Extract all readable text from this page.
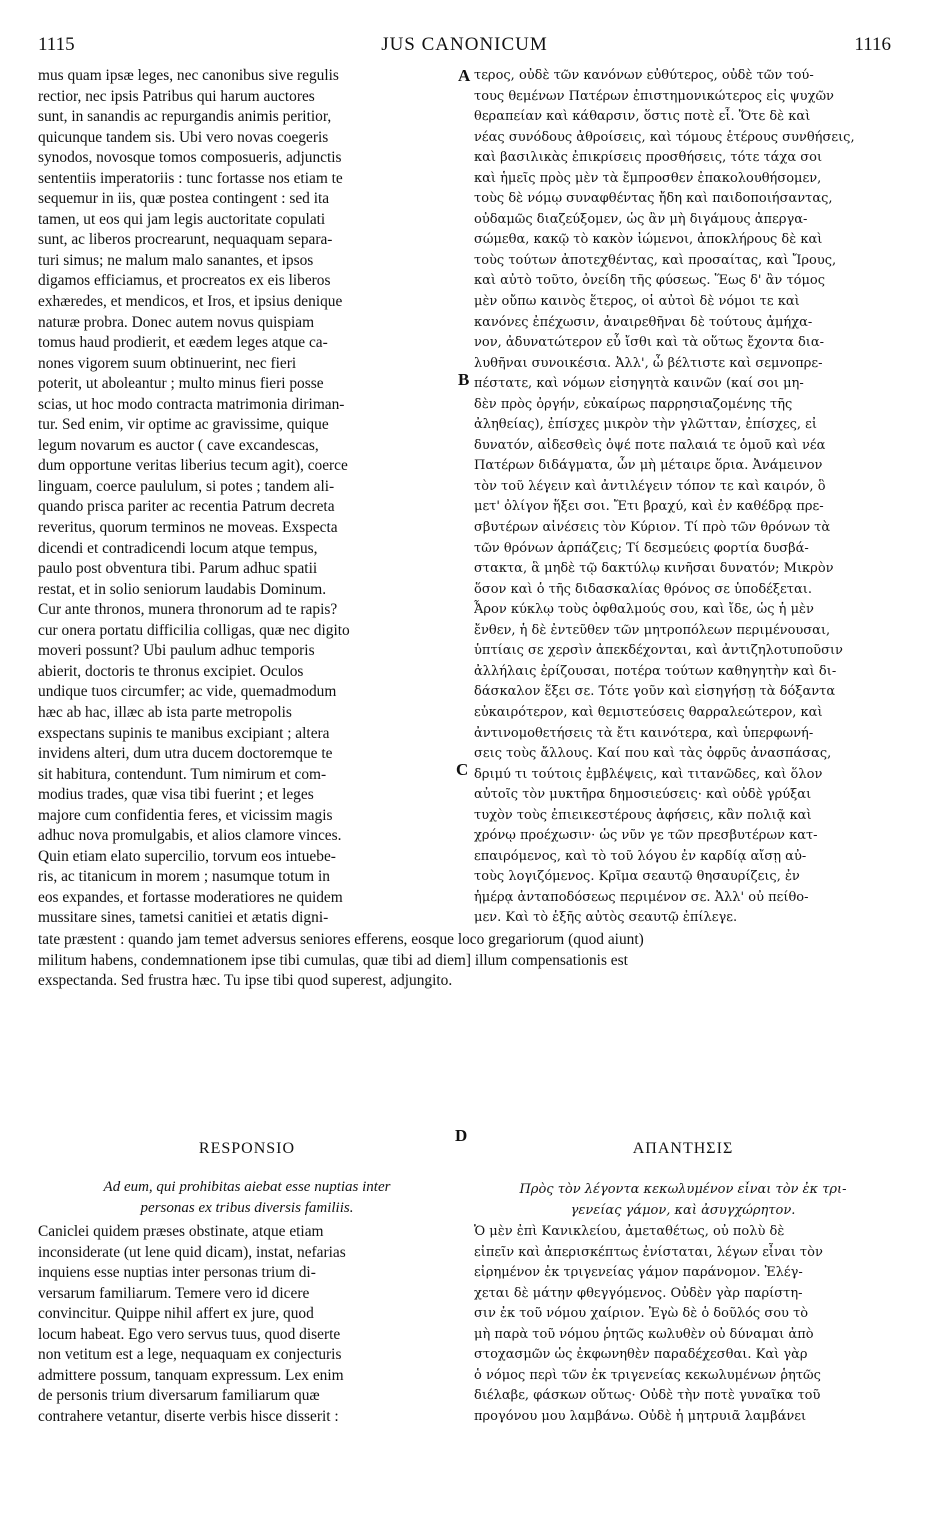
1115	JUS CANONICUM	1116
mus quam ipsæ leges, nec canonibus sive regulis
rectior, nec ipsis Patribus qui harum auctores
sunt, in sanandis ac repurgandis animis peritior,
quicunque tandem sis. Ubi vero novas coegeris
synodos, novosque tomos composueris, adjunctis
sententiis imperatoriis : tunc fortasse nos etiam te
sequemur in iis, quæ postea contingent : sed ita
tamen, ut eos qui jam legis auctoritate copulati
sunt, ac liberos procrearunt, nequaquam separa-
turi simus; ne malum malo sanantes, et ipsos
digamos efficiamus, et procreatos ex eis liberos
exhæredes, et mendicos, et Iros, et ipsius denique
naturæ probra. Donec autem novus quispiam
tomus haud prodierit, et eædem leges atque ca-
nones vigorem suum obtinuerint, nec fieri
poterit, ut aboleantur ; multo minus fieri posse
scias, ut hoc modo contracta matrimonia diriman-
tur. Sed enim, vir optime ac gravissime, quique
legum novarum es auctor ( cave excandescas,
dum opportune veritas liberius tecum agit), coerce
linguam, coerce paululum, si potes ; tandem ali-
quando prisca pariter ac recentia Patrum decreta
reveritus, quorum terminos ne moveas. Exspecta
dicendi et contradicendi locum atque tempus,
paulo post obventura tibi. Parum adhuc spatii
restat, et in solio seniorum laudabis Dominum.
Cur ante thronos, munera thronorum ad te rapis?
cur onera portatu difficilia colligas, quæ nec digito
moveri possunt? Ubi paulum adhuc temporis
abierit, doctoris te thronus excipiet. Oculos
undique tuos circumfer; ac vide, quemadmodum
hæc ab hac, illæc ab ista parte metropolis
exspectans supinis te manibus excipiant ; altera
invidens alteri, dum utra ducem doctoremque te
sit habitura, contendunt. Tum nimirum et com-
modius trades, quæ visa tibi fuerint ; et leges
majore cum confidentia feres, et vicissim magis
adhuc nova promulgabis, et alios clamore vinces.
Quin etiam elato supercilio, torvum eos intuebe-
ris, ac titanicum in morem ; nasumque totum in
eos expandes, et fortasse moderatiores ne quidem
mussitare sines, tametsi canitiei et ætatis digni-
τερος, οὐδὲ τῶν κανόνων εὐθύτερος, οὐδὲ τῶν τού-
τους θεμένων Πατέρων ἐπιστημονικώτερος εἰς ψυχῶν
θεραπείαν καὶ κάθαρσιν, ὅστις ποτὲ εἶ. Ὅτε δὲ καὶ
νέας συνόδους ἀθροίσεις, καὶ τόμους ἑτέρους συνθήσεις,
καὶ βασιλικὰς ἐπικρίσεις προσθήσεις, τότε τάχα σοι
καὶ ἡμεῖς πρὸς μὲν τὰ ἔμπροσθεν ἐπακολουθήσομεν,
τοὺς δὲ νόμῳ συναφθέντας ἤδη καὶ παιδοποιήσαντας,
οὐδαμῶς διαζεύξομεν, ὡς ἂν μὴ διγάμους ἀπεργα-
σώμεθα, κακῷ τὸ κακὸν ἰώμενοι, ἀποκλήρους δὲ καὶ
τοὺς τούτων ἀποτεχθέντας, καὶ προσαίτας, καὶ Ἴρους,
καὶ αὐτὸ τοῦτο, ὀνείδη τῆς φύσεως. Ἕως δ' ἂν τόμος
μὲν οὔπω καινὸς ἕτερος, οἱ αὐτοὶ δὲ νόμοι τε καὶ
κανόνες ἐπέχωσιν, ἀναιρεθῆναι δὲ τούτους ἀμήχα-
νον, ἀδυνατώτερον εὖ ἴσθι καὶ τὰ οὕτως ἔχοντα δια-
λυθῆναι συνοικέσια. Ἀλλ', ὦ βέλτιστε καὶ σεμνοπρε-
πέστατε, καὶ νόμων εἰσηγητὰ καινῶν (καί σοι μη-
δὲν πρὸς ὀργήν, εὐκαίρως παρρησιαζομένης τῆς
ἀληθείας), ἐπίσχες μικρὸν τὴν γλῶτταν, ἐπίσχες, εἰ
δυνατόν, αἰδεσθεὶς ὀψέ ποτε παλαιά τε ὁμοῦ καὶ νέα
Πατέρων διδάγματα, ὧν μὴ μέταιρε ὅρια. Ἀνάμεινον
τὸν τοῦ λέγειν καὶ ἀντιλέγειν τόπον τε καὶ καιρόν, ὃ
μετ' ὀλίγον ἥξει σοι. Ἔτι βραχύ, καὶ ἐν καθέδρᾳ πρε-
σβυτέρων αἰνέσεις τὸν Κύριον. Τί πρὸ τῶν θρόνων τὰ
τῶν θρόνων ἁρπάζεις; Τί δεσμεύεις φορτία δυσβά-
στακτα, ἃ μηδὲ τῷ δακτύλῳ κινῆσαι δυνατόν; Μικρὸν
ὅσον καὶ ὁ τῆς διδασκαλίας θρόνος σε ὑποδέξεται.
Ἆρον κύκλῳ τοὺς ὀφθαλμούς σου, καὶ ἴδε, ὡς ἡ μὲν
ἔνθεν, ἡ δὲ ἐντεῦθεν τῶν μητροπόλεων περιμένουσαι,
ὑπτίαις σε χερσὶν ἀπεκδέχονται, καὶ ἀντιζηλοτυποῦσιν
ἀλλήλαις ἐρίζουσαι, ποτέρα τούτων καθηγητὴν καὶ δι-
δάσκαλον ἕξει σε. Τότε γοῦν καὶ εἰσηγήσῃ τὰ δόξαντα
εὐκαιρότερον, καὶ θεμιστεύσεις θαρραλεώτερον, καὶ
ἀντινομοθετήσεις τὰ ἔτι καινότερα, καὶ ὑπερφωνή-
σεις τοὺς ἄλλους. Καί που καὶ τὰς ὀφρῦς ἀνασπάσας,
δριμύ τι τούτοις ἐμβλέψεις, καὶ τιτανῶδες, καὶ ὅλον
αὐτοῖς τὸν μυκτῆρα δημοσιεύσεις· καὶ οὐδὲ γρύξαι
τυχὸν τοὺς ἐπιεικεστέρους ἀφήσεις, κἂν πολιᾷ καὶ
χρόνῳ προέχωσιν· ὡς νῦν γε τῶν πρεσβυτέρων κατ-
επαιρόμενος, καὶ τὸ τοῦ λόγου ἐν καρδίᾳ αἴσῃ αὐ-
τοὺς λογιζόμενος. Κρῖμα σεαυτῷ θησαυρίζεις, ἐν
ἡμέρᾳ ἀνταποδόσεως περιμένον σε. Ἀλλ' οὐ πείθο-
μεν. Καὶ τὸ ἑξῆς αὐτὸς σεαυτῷ ἐπίλεγε.
A
B
C
tate præstent : quando jam temet adversus seniores efferens, eosque loco gregariorum (quod aiunt)
militum habens, condemnationem ipse tibi cumulas, quæ tibi ad diem] illum compensationis est
exspectanda. Sed frustra hæc. Tu ipse tibi quod superest, adjungito.
D
RESPONSIO	ΑΠΑΝΤΗΣΙΣ
Ad eum, qui prohibitas aiebat esse nuptias inter
personas ex tribus diversis familiis.
Πρὸς τὸν λέγοντα κεκωλυμένον εἶναι τὸν ἐκ τρι-
γενείας γάμον, καὶ ἀσυγχώρητον.
Caniclei quidem præses obstinate, atque etiam
inconsiderate (ut lene quid dicam), instat, nefarias
inquiens esse nuptias inter personas trium di-
versarum familiarum. Temere vero id dicere
convincitur. Quippe nihil affert ex jure, quod
locum habeat. Ego vero servus tuus, quod diserte
non vetitum est a lege, nequaquam ex conjecturis
admittere possum, tanquam expressum. Lex enim
de personis trium diversarum familiarum quæ
contrahere vetantur, diserte verbis hisce disserit :
Ὁ μὲν ἐπὶ Κανικλείου, ἀμεταθέτως, οὐ πολὺ δὲ
εἰπεῖν καὶ ἀπερισκέπτως ἐνίσταται, λέγων εἶναι τὸν
εἰρημένον ἐκ τριγενείας γάμον παράνομον. Ἐλέγ-
χεται δὲ μάτην φθεγγόμενος. Οὐδὲν γὰρ παρίστη-
σιν ἐκ τοῦ νόμου χαίριον. Ἐγὼ δὲ ὁ δοῦλός σου τὸ
μὴ παρὰ τοῦ νόμου ῥητῶς κωλυθὲν οὐ δύναμαι ἀπὸ
στοχασμῶν ὡς ἐκφωνηθὲν παραδέχεσθαι. Καὶ γὰρ
ὁ νόμος περὶ τῶν ἐκ τριγενείας κεκωλυμένων ῥητῶς
διέλαβε, φάσκων οὕτως· Οὐδὲ τὴν ποτὲ γυναῖκα τοῦ
προγόνου μου λαμβάνω. Οὐδὲ ἡ μητρυιᾶ λαμβάνει
